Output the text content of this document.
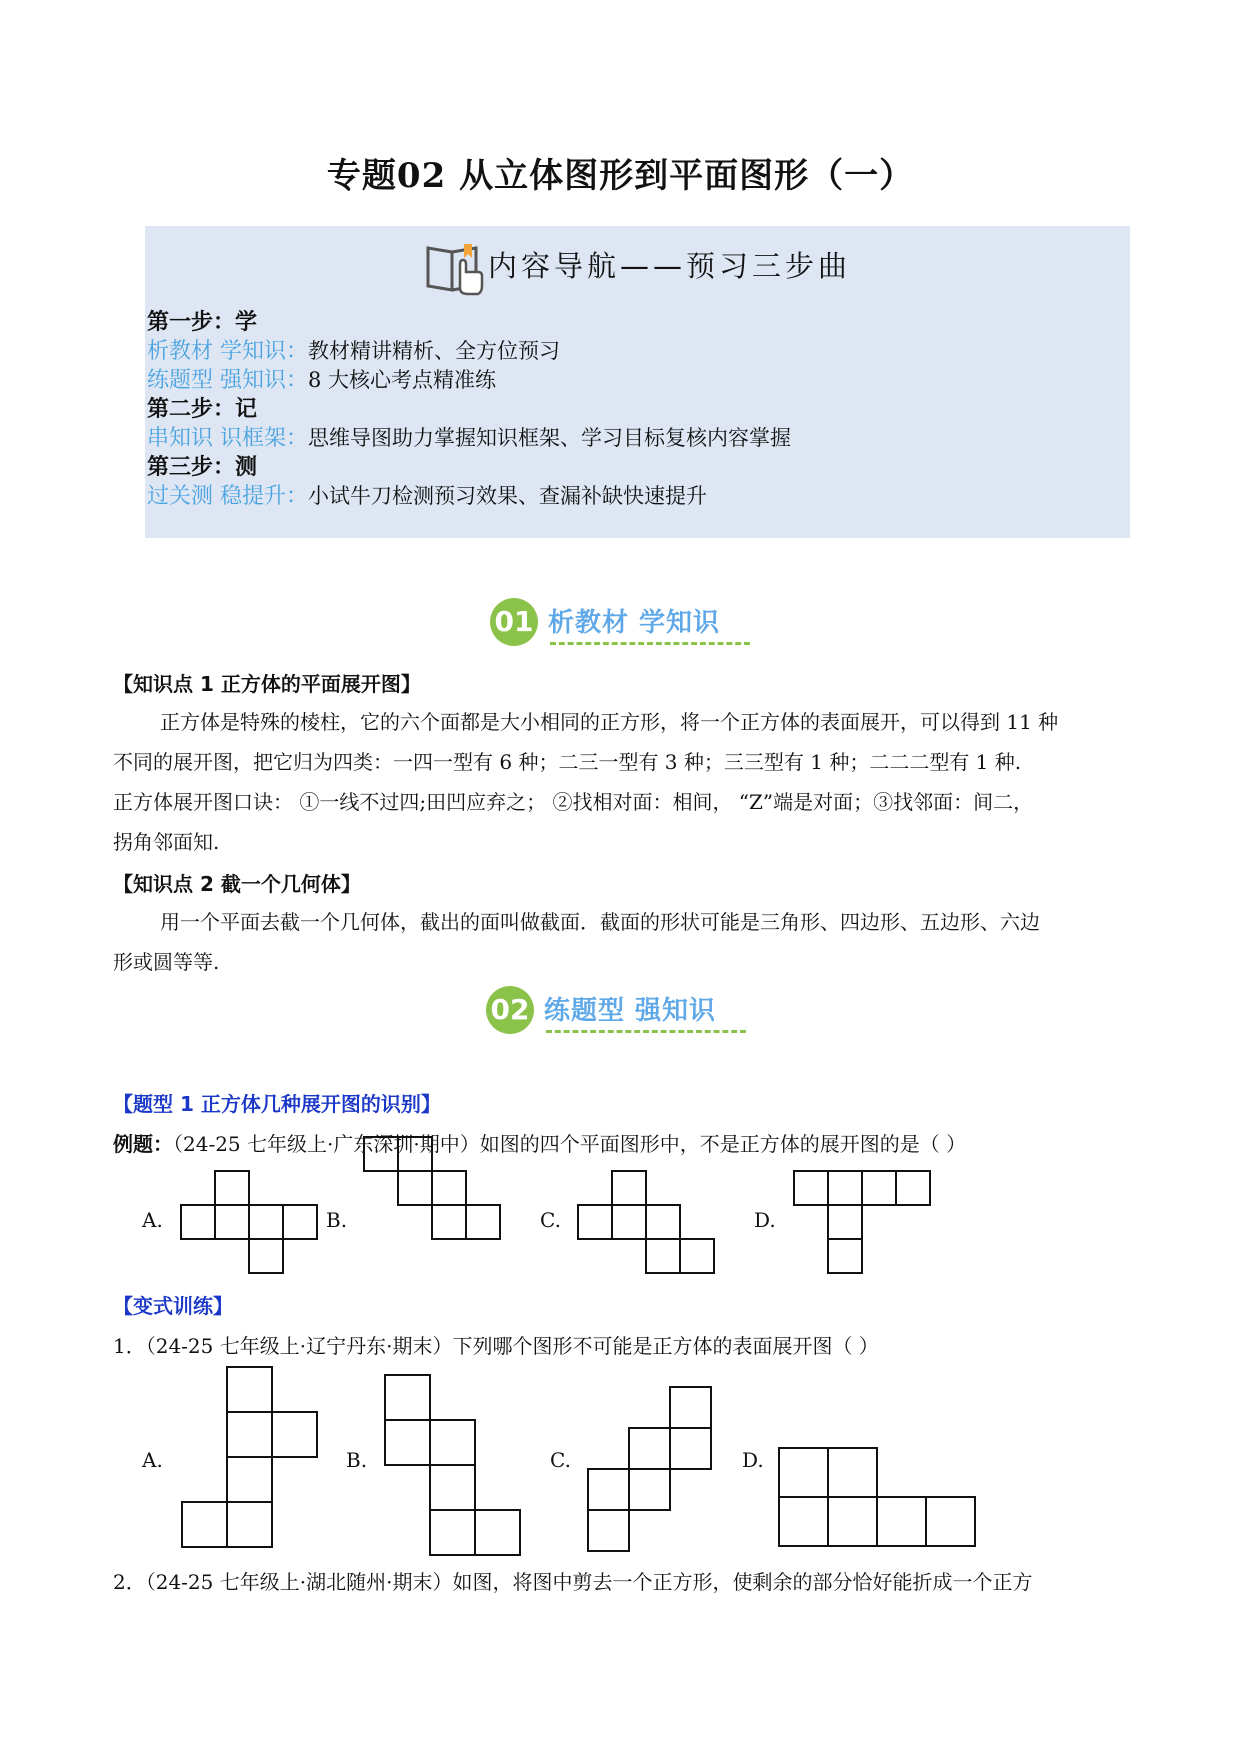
专题02 从立体图形到平面图形（一）
内容导航——预习三步曲
第一步：学
析教材 学知识：教材精讲精析、全方位预习
练题型 强知识：8 大核心考点精准练
第二步：记
串知识 识框架：思维导图助力掌握知识框架、学习目标复核内容掌握
第三步：测
过关测 稳提升：小试牛刀检测预习效果、查漏补缺快速提升
01 析教材 学知识
【知识点 1 正方体的平面展开图】
正方体是特殊的棱柱，它的六个面都是大小相同的正方形，将一个正方体的表面展开，可以得到 11 种
不同的展开图，把它归为四类：一四一型有 6 种；二三一型有 3 种；三三型有 1 种；二二二型有 1 种.
正方体展开图口诀： ①一线不过四;田凹应弃之； ②找相对面：相间， “Z”端是对面；③找邻面：间二，
拐角邻面知.
【知识点 2 截一个几何体】
用一个平面去截一个几何体，截出的面叫做截面．截面的形状可能是三角形、四边形、五边形、六边
形或圆等等.
02 练题型 强知识
【题型 1 正方体几种展开图的识别】
例题：（24-25 七年级上·广东深圳·期中）如图的四个平面图形中，不是正方体的展开图的是（ ）
A.	B.	C.	D.
【变式训练】
1．（24-25 七年级上·辽宁丹东·期末）下列哪个图形不可能是正方体的表面展开图（ ）
A.	B.	C.	D.
2．（24-25 七年级上·湖北随州·期末）如图，将图中剪去一个正方形，使剩余的部分恰好能折成一个正方
